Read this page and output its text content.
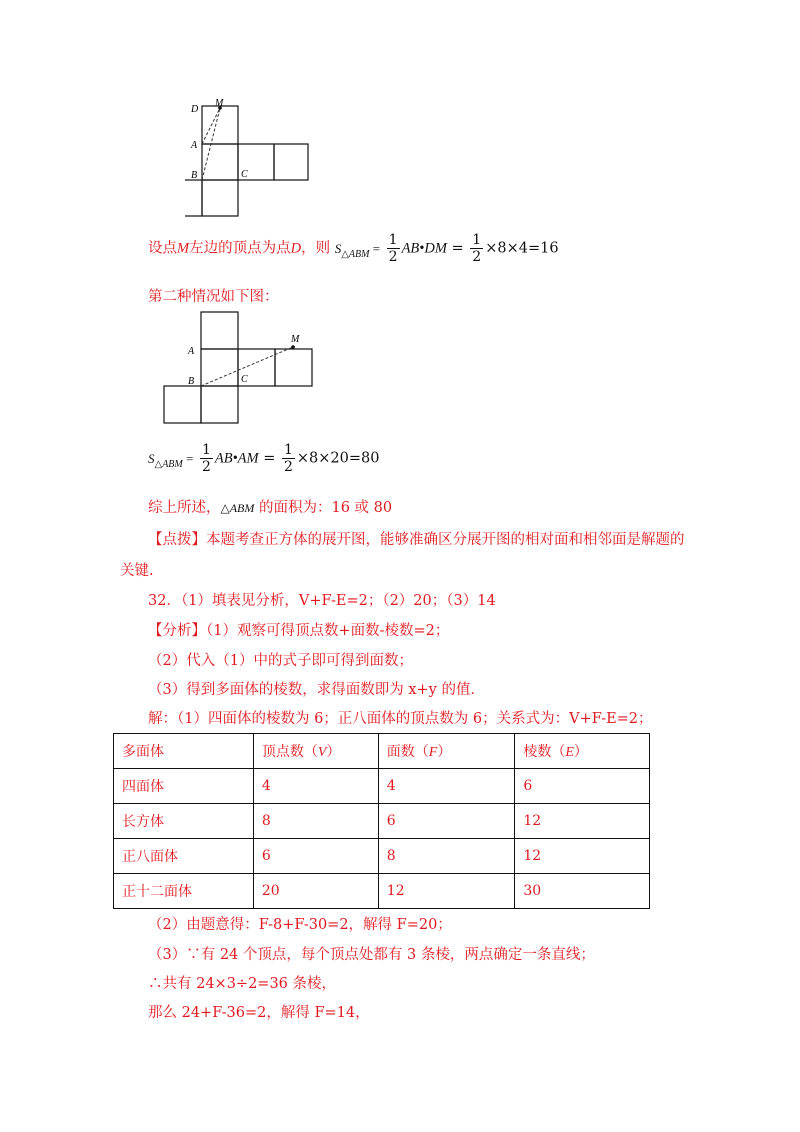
M
D
A
B	C
设点M左边的顶点为点D，则 $S_{\triangle ABM} = \frac{1}{2}$ AB•DM = $\frac{1}{2} \times 8\times 4=16$
第二种情况如下图：
M
A
B	C
$S_{\triangle ABM} = \frac{1}{2}$ AB•AM = $\frac{1}{2} \times 8\times 20=80$
综上所述，△ABM 的面积为：16 或 80
【点拨】本题考查正方体的展开图，能够准确区分展开图的相对面和相邻面是解题的
关键.
32．（1）填表见分析，V+F-E=2；（2）20；（3）14
【分析】（1）观察可得顶点数+面数-棱数=2；
（2）代入（1）中的式子即可得到面数；
（3）得到多面体的棱数，求得面数即为 x+y 的值．
解：（1）四面体的棱数为 6；正八面体的顶点数为 6；关系式为：V+F-E=2；
多面体	顶点数（V）	面数（F）	棱数（E）
四面体	4	4	6
长方体	8	6	12
正八面体	6	8	12
正十二面体	20	12	30
（2）由题意得：F-8+F-30=2，解得 F=20；
（3）∵有 24 个顶点，每个顶点处都有 3 条棱，两点确定一条直线；
∴共有 24×3÷2=36 条棱，
那么 24+F-36=2，解得 F=14，
